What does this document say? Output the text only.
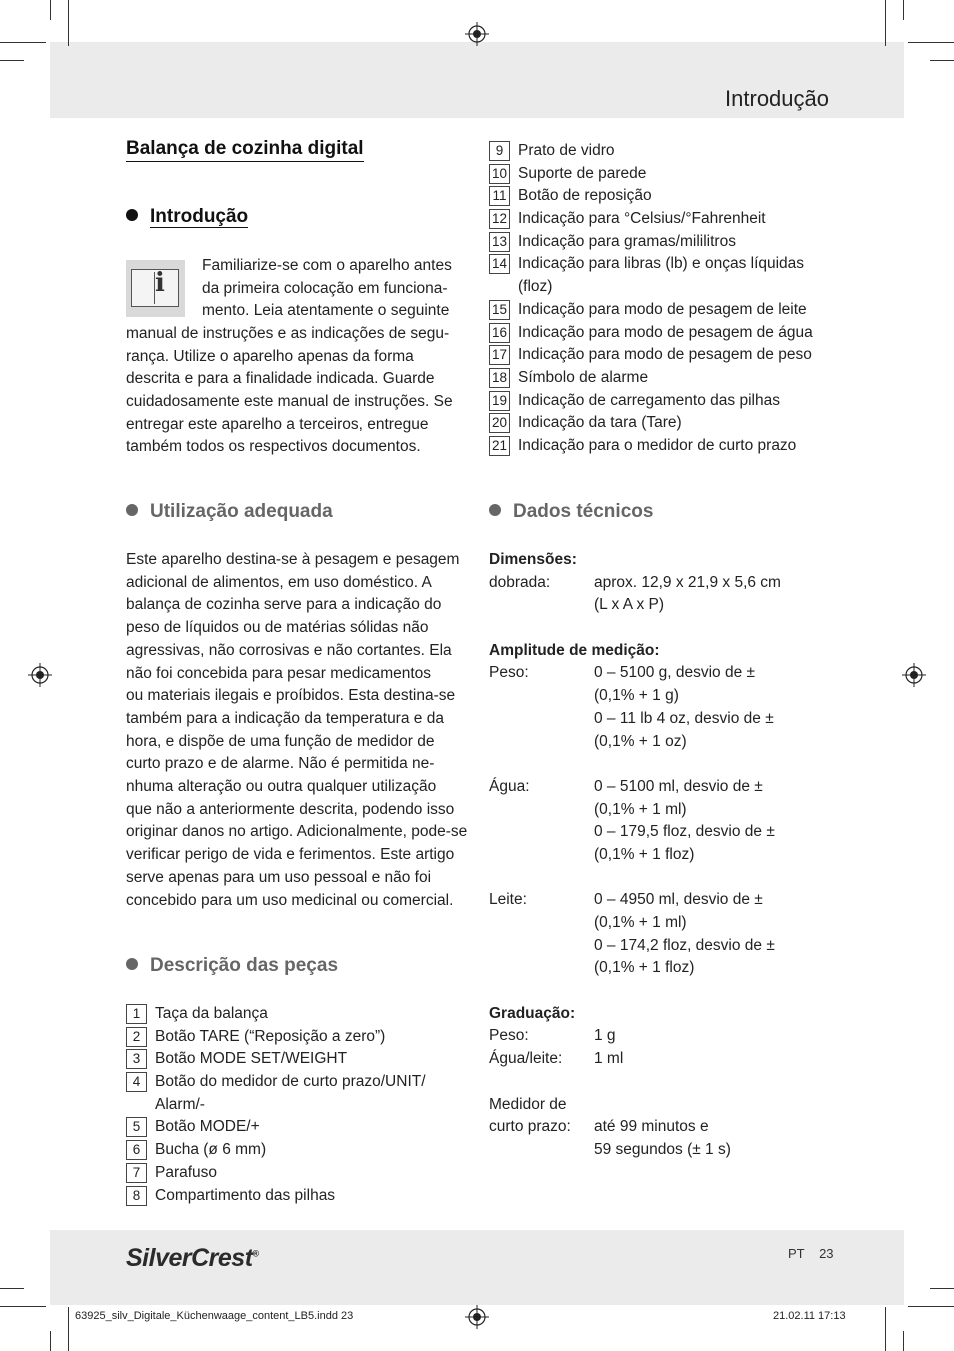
Introdução
Balança de cozinha digital
Introdução
i
Familiarize-se com o aparelho antes
da primeira colocação em funciona-
mento. Leia atentamente o seguinte
manual de instruções e as indicações de segu-
rança. Utilize o aparelho apenas da forma
descrita e para a finalidade indicada. Guarde
cuidadosamente este manual de instruções. Se
entregar este aparelho a terceiros, entregue
também todos os respectivos documentos.
Utilização adequada
Este aparelho destina-se à pesagem e pesagem
adicional de alimentos, em uso doméstico. A
balança de cozinha serve para a indicação do
peso de líquidos ou de matérias sólidas não
agressivas, não corrosivas e não cortantes. Ela
não foi concebida para pesar medicamentos
ou materiais ilegais e proíbidos. Esta destina-se
também para a indicação da temperatura e da
hora, e dispõe de uma função de medidor de
curto prazo e de alarme. Não é permitida ne-
nhuma alteração ou outra qualquer utilização
que não a anteriormente descrita, podendo isso
originar danos no artigo. Adicionalmente, pode-se
verificar perigo de vida e ferimentos. Este artigo
serve apenas para um uso pessoal e não foi
concebido para um uso medicinal ou comercial.
Descrição das peças
1 Taça da balança
2 Botão TARE (“Reposição a zero”)
3 Botão MODE SET/WEIGHT
4 Botão do medidor de curto prazo/UNIT/
Alarm/-
5 Botão MODE/+
6 Bucha (ø 6 mm)
7 Parafuso
8 Compartimento das pilhas
9 Prato de vidro
10 Suporte de parede
11 Botão de reposição
12 Indicação para °Celsius/°Fahrenheit
13 Indicação para gramas/mililitros
14 Indicação para libras (lb) e onças líquidas
(floz)
15 Indicação para modo de pesagem de leite
16 Indicação para modo de pesagem de água
17 Indicação para modo de pesagem de peso
18 Símbolo de alarme
19 Indicação de carregamento das pilhas
20 Indicação da tara (Tare)
21 Indicação para o medidor de curto prazo
Dados técnicos
Dimensões:
dobrada:	aprox. 12,9 x 21,9 x 5,6 cm
(L x A x P)
Amplitude de medição:
Peso:	0 – 5100 g, desvio de ±
(0,1% + 1 g)
0 – 11 lb 4 oz, desvio de ±
(0,1% + 1 oz)
Água:	0 – 5100 ml, desvio de ±
(0,1% + 1 ml)
0 – 179,5 floz, desvio de ±
(0,1% + 1 floz)
Leite:	0 – 4950 ml, desvio de ±
(0,1% + 1 ml)
0 – 174,2 floz, desvio de ±
(0,1% + 1 floz)
Graduação:
Peso:	1 g
Água/leite: 1 ml
Medidor de
curto prazo: até 99 minutos e
59 segundos (± 1 s)
SilverCrest®	PT 23
63925_silv_Digitale_Küchenwaage_content_LB5.indd 23	21.02.11 17:13
